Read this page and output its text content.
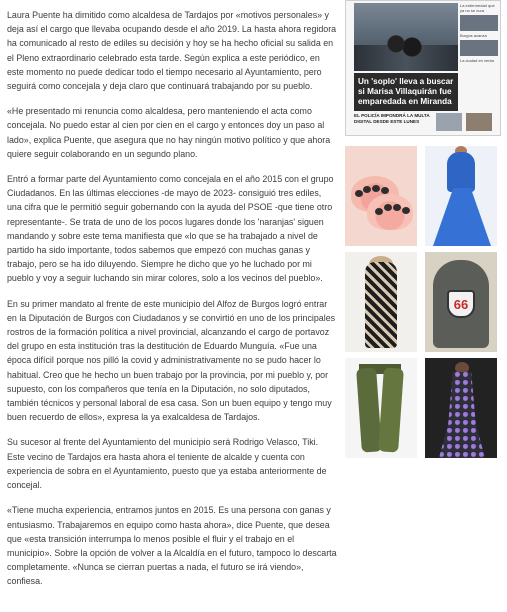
Laura Puente ha dimitido como alcaldesa de Tardajos por «motivos personales» y deja así el cargo que llevaba ocupando desde el año 2019. La hasta ahora regidora ha comunicado al resto de ediles su decisión y hoy se ha hecho oficial su salida en el Pleno extraordinario celebrado esta tarde. Según explica a este periódico, en este momento no puede dedicar todo el tiempo necesario al Ayuntamiento, pero seguirá como concejala y deja claro que continuará trabajando por su pueblo.

«He presentado mi renuncia como alcaldesa, pero manteniendo el acta como concejala. No puedo estar al cien por cien en el cargo y entonces doy un paso al lado», explica Puente, que asegura que no hay ningún motivo político y que ahora quiere seguir colaborando en un segundo plano.

Entró a formar parte del Ayuntamiento como concejala en el año 2015 con el grupo Ciudadanos. En las últimas elecciones -de mayo de 2023- consiguió tres ediles, una cifra que le permitió seguir gobernando con la ayuda del PSOE -que tiene otro representante-. Se trata de uno de los pocos lugares donde los 'naranjas' siguen mandando y sobre este tema manifiesta que «lo que se ha trabajado a nivel de partido ha sido importante, todos sabemos que empezó con muchas ganas y trabajo, pero se ha ido diluyendo. Siempre he dicho que yo he luchado por mi pueblo y voy a seguir luchando sin mirar colores, solo a los vecinos del pueblo».

En su primer mandato al frente de este municipio del Alfoz de Burgos logró entrar en la Diputación de Burgos con Ciudadanos y se convirtió en uno de los principales rostros de la formación política a nivel provincial, alcanzando el cargo de portavoz del grupo en esta institución tras la destitución de Eduardo Munguía. «Fue una época difícil porque nos pilló la covid y administrativamente no se pudo hacer lo habitual. Creo que he hecho un buen trabajo por la provincia, por mi pueblo y, por supuesto, con los compañeros que tenía en la Diputación, no solo diputados, también técnicos y personal laboral de esa casa. Son un buen equipo y tengo muy buen recuerdo de ellos», expresa la ya exalcaldesa de Tardajos.

Su sucesor al frente del Ayuntamiento del municipio será Rodrigo Velasco, Tiki. Este vecino de Tardajos era hasta ahora el teniente de alcalde y cuenta con experiencia de sobra en el Ayuntamiento, puesto que ya estaba anteriormente de concejal.

«Tiene mucha experiencia, entramos juntos en 2015. Es una persona con ganas y entusiasmo. Trabajaremos en equipo como hasta ahora», dice Puente, que desea que «esta transición interrumpa lo menos posible el fluir y el trabajo en el municipio». Sobre la opción de volver a la Alcaldía en el futuro, tampoco lo descarta completamente. «Nunca se cierran puertas a nada, el futuro se irá viendo», confiesa.

La enfermedad que ya no se cura
Burgos avanza
La ciudad en venta
Un 'soplo' lleva a buscar si Marisa Villaquirán fue emparedada en Miranda
EL POLICÍA IMPONDRÁ LA MULTA DIGITAL DESDE ESTE LUNES
66
